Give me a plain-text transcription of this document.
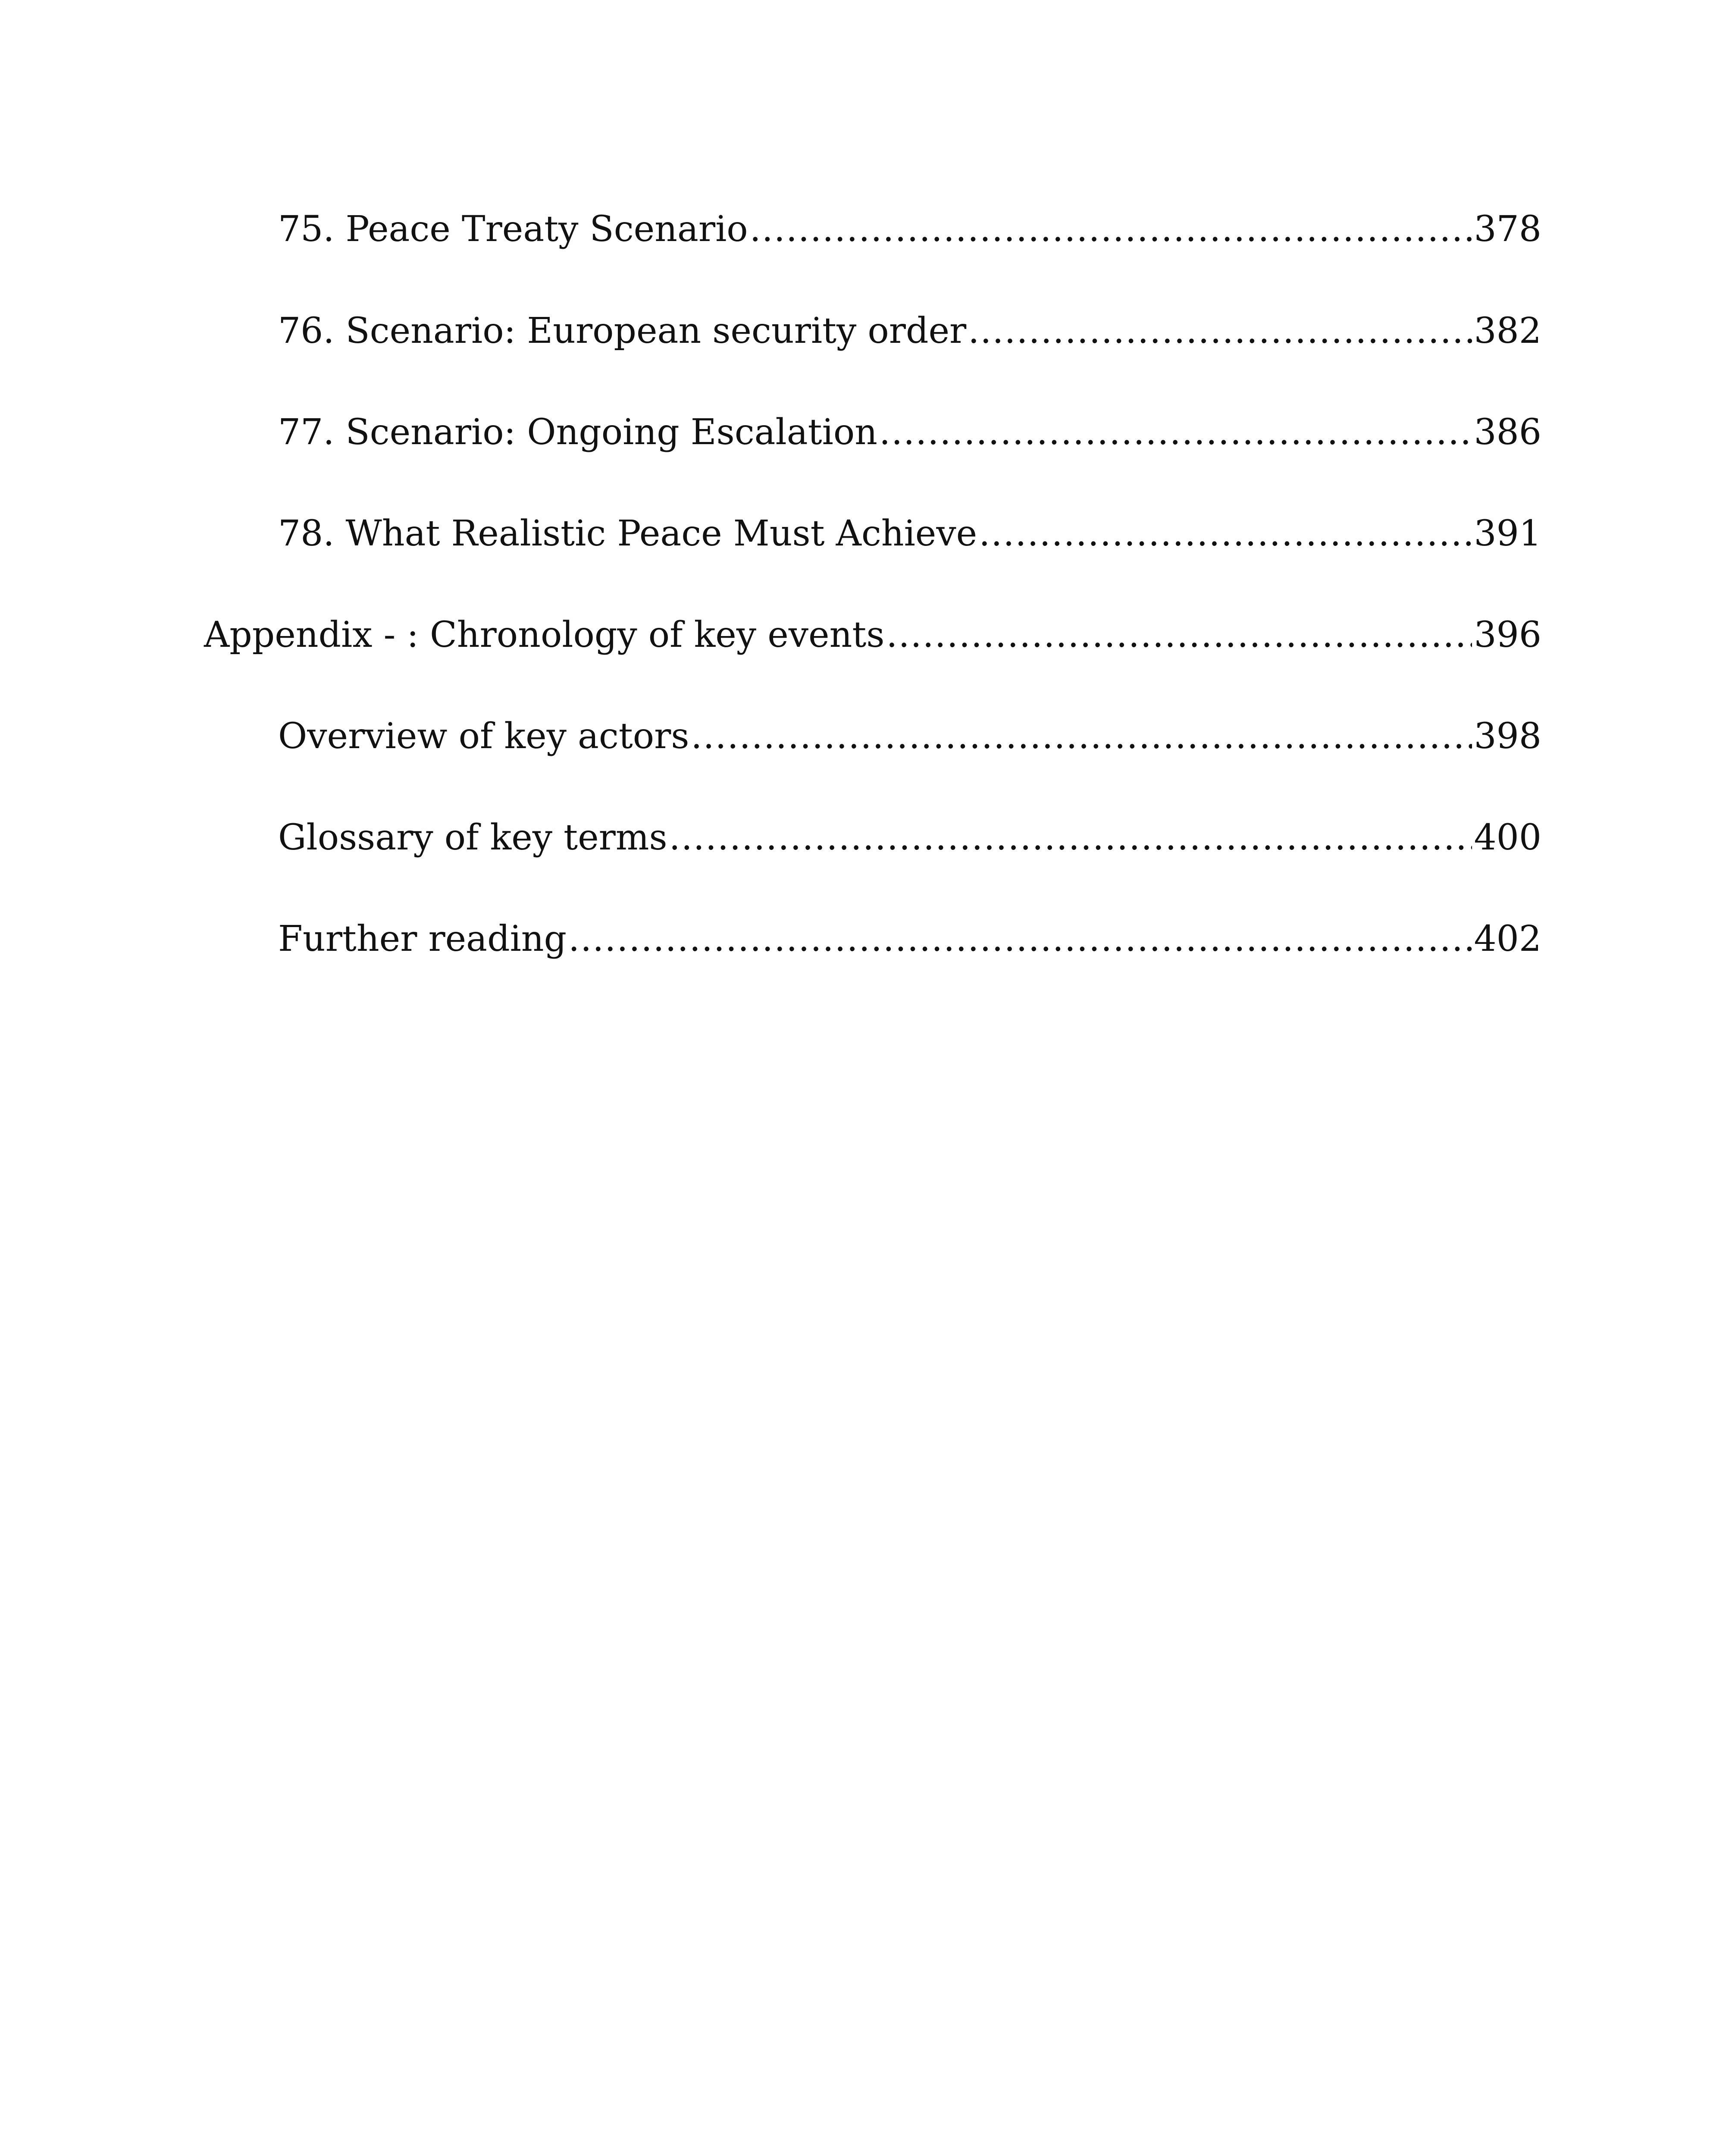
75. Peace Treaty Scenario .....	378
76. Scenario: European security order .....	382
77. Scenario: Ongoing Escalation .....	386
78. What Realistic Peace Must Achieve .....	391
Appendix - : Chronology of key events .....	396
Overview of key actors .....	398
Glossary of key terms .....	400
Further reading .....	402
